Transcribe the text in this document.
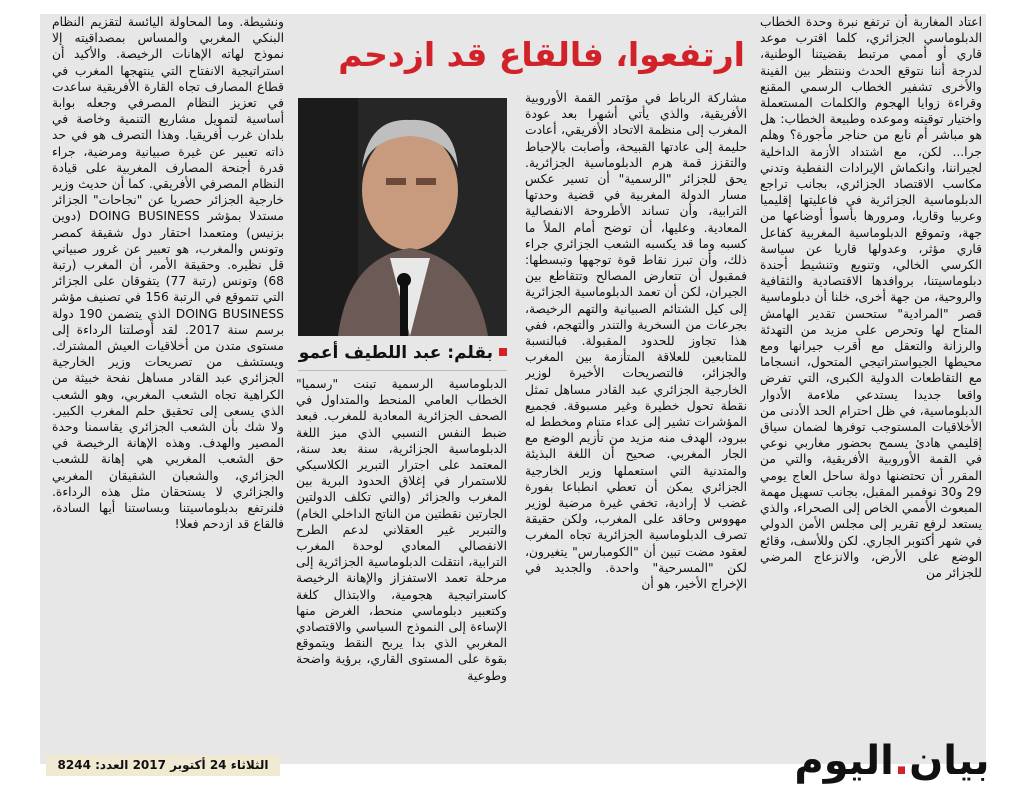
ارتفعوا، فالقاع قد ازدحم

اعتاد المغاربة أن ترتفع نبرة وحدة الخطاب الدبلوماسي الجزائري، كلما اقترب موعد قاري أو أممي مرتبط بقضيتنا الوطنية، لدرجة أننا نتوقع الحدث وننتظر بين الفينة والأخرى تشفير الخطاب الرسمي المقنع وقراءة زوايا الهجوم والكلمات المستعملة واختيار توقيته وموعده وطبيعة الخطاب: هل هو مباشر أم نابع من حناجر مأجورة؟ وهلم جرا... لكن، مع اشتداد الأزمة الداخلية لجيراننا، وانكماش الإيرادات النفطية وتدني مكاسب الاقتصاد الجزائري، بجانب تراجع الدبلوماسية الجزائرية في فاعليتها إقليميا وعربيا وقاريا، ومرورها بأسوأ أوضاعها من جهة، وتموقع الدبلوماسية المغربية كفاعل قاري مؤثر، وعدولها قاريا عن سياسة الكرسي الخالي، وتنويع وتنشيط أجندة دبلوماسيتنا، بروافدها الاقتصادية والثقافية والروحية، من جهة أخرى، خلنا أن دبلوماسية قصر "المرادية" ستحسن تقدير الهامش المتاح لها وتحرص على مزيد من التهدئة والرزانة والتعقل مع أقرب جيرانها ومع محيطها الجيواستراتيجي المتحول، انسجاما مع التقاطعات الدولية الكبرى، التي تفرض واقعا جديدا يستدعي ملاءمة الأدوار الدبلوماسية، في ظل احترام الحد الأدنى من الأخلاقيات المستوجب توفرها لضمان سياق إقليمي هادئ يسمح بحضور مغاربي نوعي في القمة الأوروبية الأفريقية، والتي من المقرر أن تحتضنها دولة ساحل العاج يومي 29 و30 نوفمبر المقبل، بجانب تسهيل مهمة المبعوث الأممي الخاص إلى الصحراء، والذي يستعد لرفع تقرير إلى مجلس الأمن الدولي في شهر أكتوبر الجاري. لكن وللأسف، وقائع الوضع على الأرض، والانزعاج المرضي للجزائر من

مشاركة الرباط في مؤتمر القمة الأوروبية الأفريقية، والذي يأتي أشهرا بعد عودة المغرب إلى منظمة الاتحاد الأفريقي، أعادت حليمة إلى عادتها القبيحة، وأصابت بالإحباط والتقزز قمة هرم الدبلوماسية الجزائرية. يحق للجزائر "الرسمية" أن تسير عكس مسار الدولة المغربية في قضية وحدتها الترابية، وأن تساند الأطروحة الانفصالية المعادية. وعليها، أن توضح أمام الملأ ما كسبه وما قد يكسبه الشعب الجزائري جراء ذلك، وأن تبرز نقاط قوة توجهها وتبسطها: فمقبول أن تتعارض المصالح وتتقاطع بين الجيران، لكن أن تعمد الدبلوماسية الجزائرية إلى كيل الشتائم الصبيانية والتهم الرخيصة، بجرعات من السخرية والتندر والتهجم، ففي هذا تجاوز للحدود المقبولة. فبالنسبة للمتابعين للعلاقة المتأزمة بين المغرب والجزائر، فالتصريحات الأخيرة لوزير الخارجية الجزائري عبد القادر مساهل تمثل نقطة تحول خطيرة وغير مسبوقة. فجميع المؤشرات تشير إلى عداء متنام ومخطط له ببرود، الهدف منه مزيد من تأزيم الوضع مع الجار المغربي. صحيح أن اللغة البذيئة والمتدنية التي استعملها وزير الخارجية الجزائري يمكن أن تعطي انطباعا بفورة غضب لا إرادية، تخفي غيرة مرضية لوزير مهووس وحاقد على المغرب، ولكن حقيقة تصرف الدبلوماسية الجزائرية تجاه المغرب لعقود مضت تبين أن "الكومبارس" يتغيرون، لكن "المسرحية" واحدة. والجديد في الإخراج الأخير، هو أن

بقلم: عبد اللطيف أعمو

الدبلوماسية الرسمية تبنت "رسميا" الخطاب العامي المنحط والمتداول في الصحف الجزائرية المعادية للمغرب. فبعد ضبط النفس النسبي الذي ميز اللغة الدبلوماسية الجزائرية، سنة بعد سنة، المعتمد على اجترار التبرير الكلاسيكي للاستمرار في إغلاق الحدود البرية بين المغرب والجزائر (والتي تكلف الدولتين الجارتين نقطتين من الناتج الداخلي الخام) والتبرير غير العقلاني لدعم الطرح الانفصالي المعادي لوحدة المغرب الترابية، انتقلت الدبلوماسية الجزائرية إلى مرحلة تعمد الاستفزاز والإهانة الرخيصة كاستراتيجية هجومية، والابتذال كلغة وكتعبير دبلوماسي منحط، الغرض منها الإساءة إلى النموذج السياسي والاقتصادي المغربي الذي بدا يربح النقط ويتموقع بقوة على المستوى القاري، برؤية واضحة وطوعية

ونشيطة. وما المحاولة اليائسة لتقزيم النظام البنكي المغربي والمساس بمصداقيته إلا نموذج لهاته الإهانات الرخيصة. والأكيد أن استراتيجية الانفتاح التي ينتهجها المغرب في قطاع المصارف تجاه القارة الأفريقية ساعدت في تعزيز النظام المصرفي وجعله بوابة أساسية لتمويل مشاريع التنمية وخاصة في بلدان غرب أفريقيا. وهذا التصرف هو في حد ذاته تعبير عن غيرة صبيانية ومرضية، جراء قدرة أجنحة المصارف المغربية على قيادة النظام المصرفي الأفريقي. كما أن حديث وزير خارجية الجزائر حصريا عن "نجاحات" الجزائر مستدلا بمؤشر DOING BUSINESS (دوين بزنيس) ومتعمدا احتقار دول شقيقة كمصر وتونس والمغرب، هو تعبير عن غرور صبياني قل نظيره. وحقيقة الأمر، أن المغرب (رتبة 68) وتونس (رتبة 77) يتفوقان على الجزائر التي تتموقع في الرتبة 156 في تصنيف مؤشر DOING BUSINESS الذي يتضمن 190 دولة برسم سنة 2017. لقد أوصلتنا الرداءة إلى مستوى متدن من أخلاقيات العيش المشترك. ويستشف من تصريحات وزير الخارجية الجزائري عبد القادر مساهل نفحة خبيثة من الكراهية تجاه الشعب المغربي، وهو الشعب الذي يسعى إلى تحقيق حلم المغرب الكبير. ولا شك بأن الشعب الجزائري يقاسمنا وحدة المصير والهدف. وهذه الإهانة الرخيصة في حق الشعب المغربي هي إهانة للشعب الجزائري، والشعبان الشقيقان المغربي والجزائري لا يستحقان مثل هذه الرداءة. فلنرتفع بدبلوماسيتنا وبساستنا أيها السادة، فالقاع قد ازدحم فعلا!

الثلاثاء 24 أكتوبر 2017 العدد: 8244	بيان.اليوم
